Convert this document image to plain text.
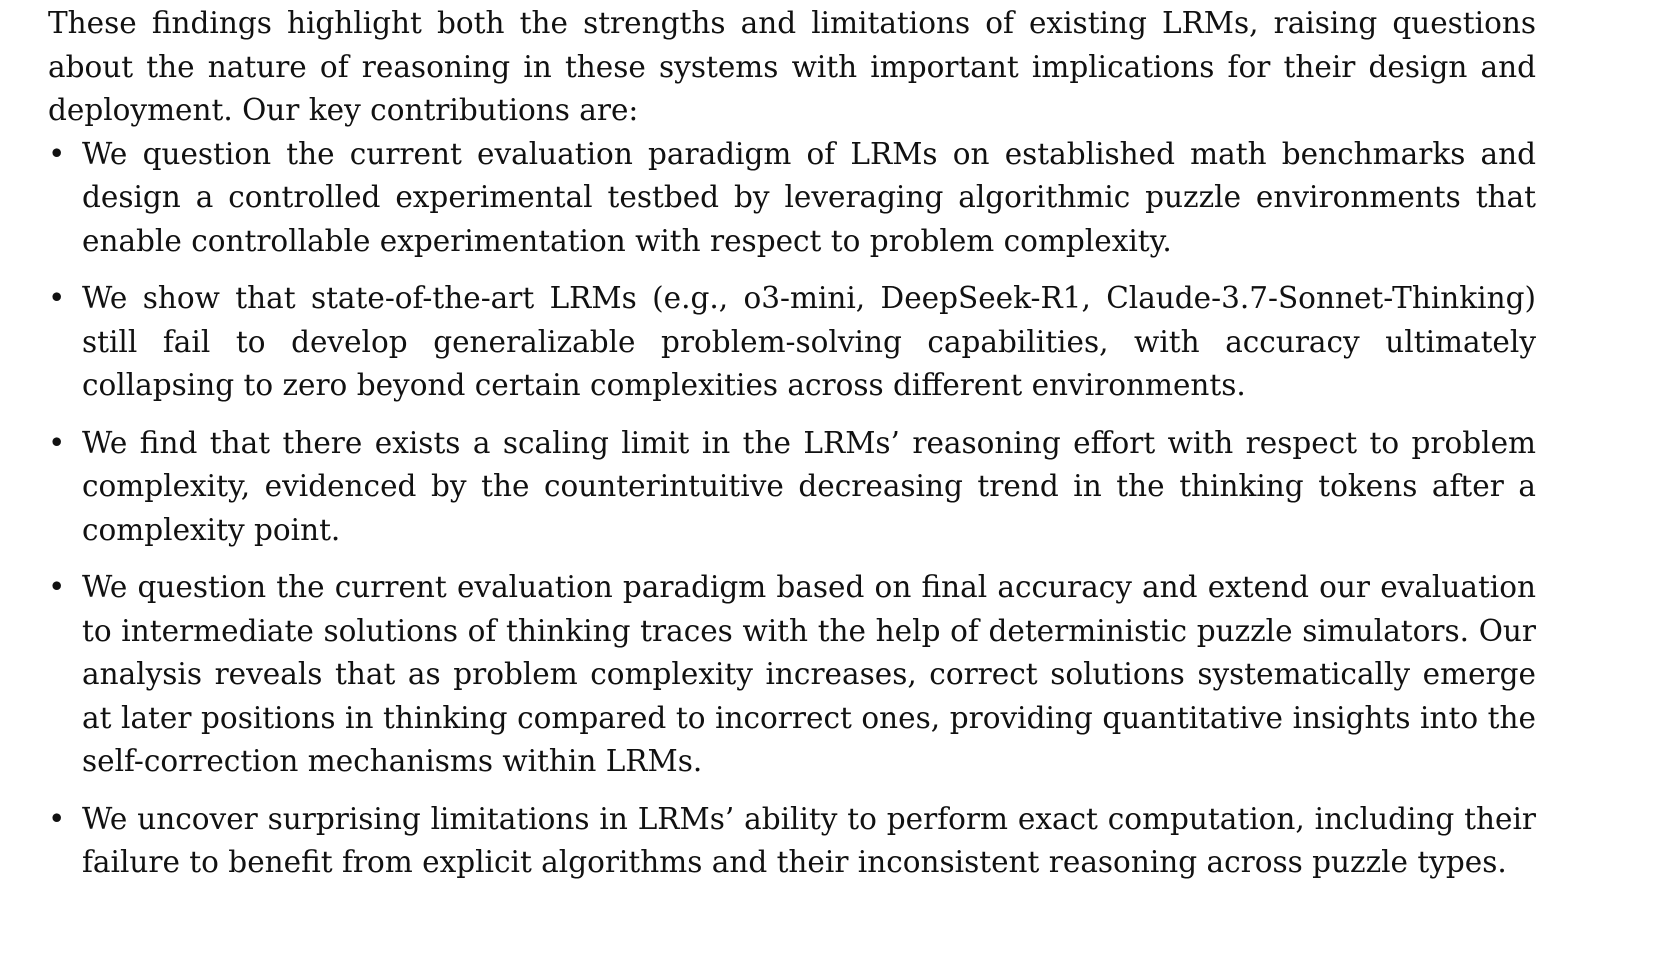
These findings highlight both the strengths and limitations of existing LRMs, raising questions about the nature of reasoning in these systems with important implications for their design and deployment. Our key contributions are:

• We question the current evaluation paradigm of LRMs on established math benchmarks and design a controlled experimental testbed by leveraging algorithmic puzzle environments that enable controllable experimentation with respect to problem complexity.
• We show that state-of-the-art LRMs (e.g., o3-mini, DeepSeek-R1, Claude-3.7-Sonnet-Thinking) still fail to develop generalizable problem-solving capabilities, with accuracy ultimately collapsing to zero beyond certain complexities across different environments.
• We find that there exists a scaling limit in the LRMs’ reasoning effort with respect to problem complexity, evidenced by the counterintuitive decreasing trend in the thinking tokens after a complexity point.
• We question the current evaluation paradigm based on final accuracy and extend our evaluation to intermediate solutions of thinking traces with the help of deterministic puzzle simulators. Our analysis reveals that as problem complexity increases, correct solutions systematically emerge at later positions in thinking compared to incorrect ones, providing quantitative insights into the self-correction mechanisms within LRMs.
• We uncover surprising limitations in LRMs’ ability to perform exact computation, including their failure to benefit from explicit algorithms and their inconsistent reasoning across puzzle types.
